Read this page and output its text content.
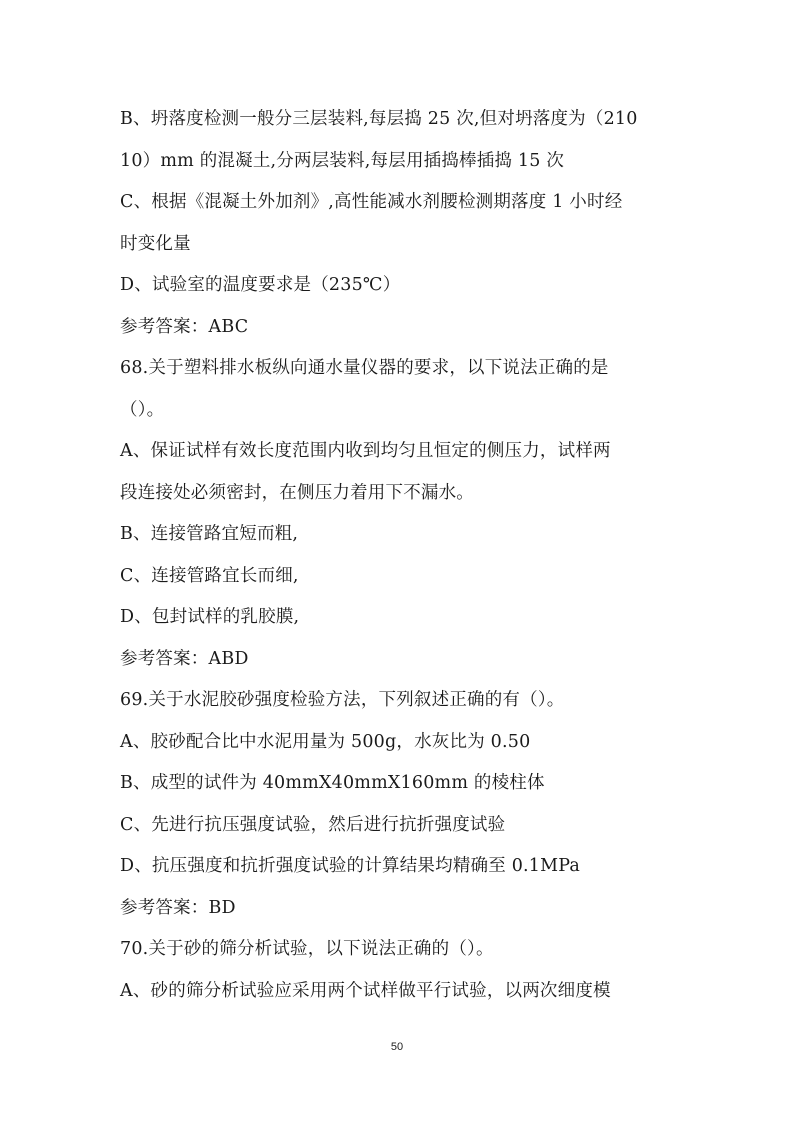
B、坍落度检测一般分三层装料,每层捣 25 次,但对坍落度为（210
10）mm 的混凝土,分两层装料,每层用插捣棒插捣 15 次
C、根据《混凝土外加剂》,高性能减水剂腰检测期落度 1 小时经
时变化量
D、试验室的温度要求是（235℃）
参考答案：ABC
68.关于塑料排水板纵向通水量仪器的要求，以下说法正确的是
（）。
A、保证试样有效长度范围内收到均匀且恒定的侧压力，试样两
段连接处必须密封，在侧压力着用下不漏水。
B、连接管路宜短而粗,
C、连接管路宜长而细,
D、包封试样的乳胶膜,
参考答案：ABD
69.关于水泥胶砂强度检验方法，下列叙述正确的有（）。
A、胶砂配合比中水泥用量为 500g，水灰比为 0.50
B、成型的试件为 40mmX40mmX160mm 的棱柱体
C、先进行抗压强度试验，然后进行抗折强度试验
D、抗压强度和抗折强度试验的计算结果均精确至 0.1MPa
参考答案：BD
70.关于砂的筛分析试验，以下说法正确的（）。
A、砂的筛分析试验应采用两个试样做平行试验，以两次细度模
50
